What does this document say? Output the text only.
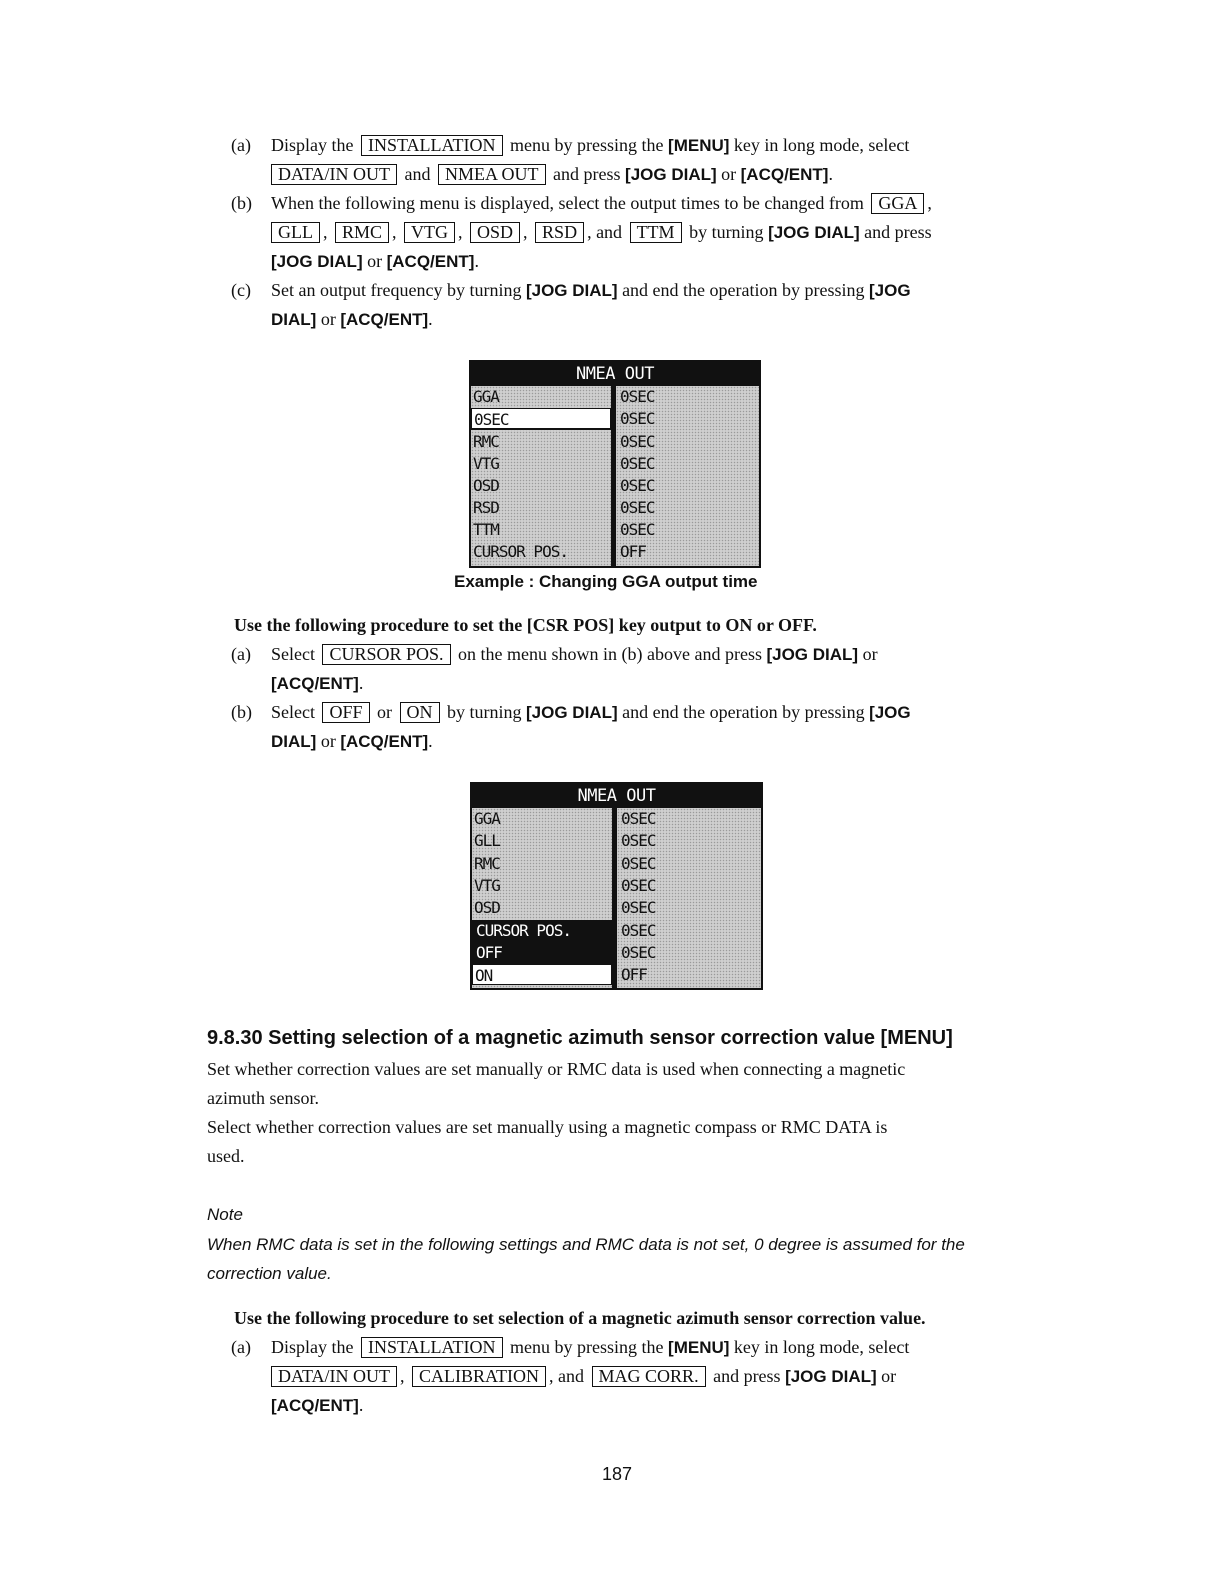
(a) Display the INSTALLATION menu by pressing the [MENU] key in long mode, select
DATA/IN OUT and NMEA OUT and press [JOG DIAL] or [ACQ/ENT].
(b) When the following menu is displayed, select the output times to be changed from GGA ,
GLL , RMC , VTG , OSD , RSD , and TTM by turning [JOG DIAL] and press
[JOG DIAL] or [ACQ/ENT].
(c) Set an output frequency by turning [JOG DIAL] and end the operation by pressing [JOG
DIAL] or [ACQ/ENT].
NMEA OUT
GGA
0SEC
RMC
VTG
OSD
RSD
TTM
CURSOR POS.
0SEC
0SEC
0SEC
0SEC
0SEC
0SEC
0SEC
OFF
Example : Changing GGA output time
Use the following procedure to set the [CSR POS] key output to ON or OFF.
(a) Select CURSOR POS. on the menu shown in (b) above and press [JOG DIAL] or
[ACQ/ENT].
(b) Select OFF or ON by turning [JOG DIAL] and end the operation by pressing [JOG
DIAL] or [ACQ/ENT].
NMEA OUT
GGA
GLL
RMC
VTG
OSD
CURSOR POS.
OFF
ON
0SEC
0SEC
0SEC
0SEC
0SEC
0SEC
0SEC
OFF
9.8.30 Setting selection of a magnetic azimuth sensor correction value [MENU]
Set whether correction values are set manually or RMC data is used when connecting a magnetic
azimuth sensor.
Select whether correction values are set manually using a magnetic compass or RMC DATA is
used.
Note
When RMC data is set in the following settings and RMC data is not set, 0 degree is assumed for the
correction value.
Use the following procedure to set selection of a magnetic azimuth sensor correction value.
(a) Display the INSTALLATION menu by pressing the [MENU] key in long mode, select
DATA/IN OUT , CALIBRATION , and MAG CORR. and press [JOG DIAL] or
[ACQ/ENT].
187
